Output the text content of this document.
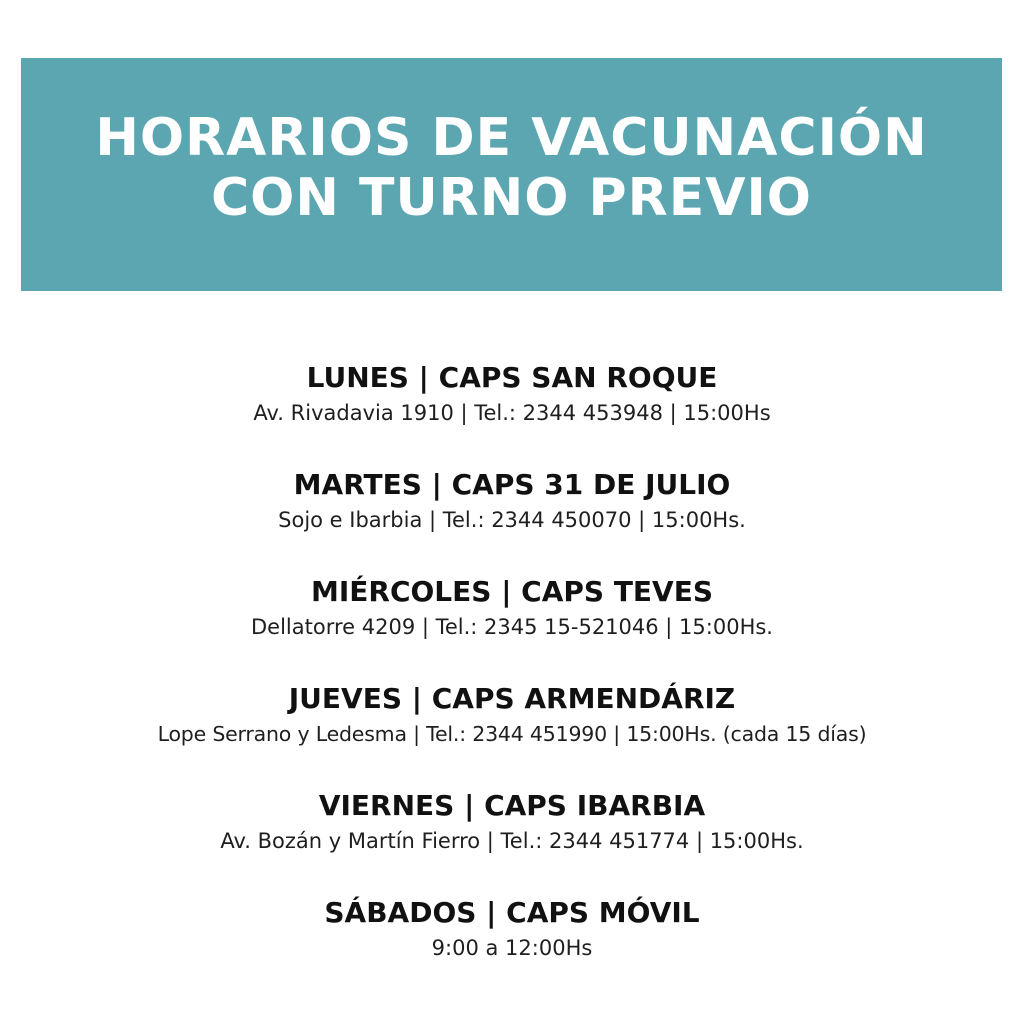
HORARIOS DE VACUNACIÓN
CON TURNO PREVIO
LUNES | CAPS SAN ROQUE
Av. Rivadavia 1910 | Tel.: 2344 453948 | 15:00Hs
MARTES | CAPS 31 DE JULIO
Sojo e Ibarbia | Tel.: 2344 450070 | 15:00Hs.
MIÉRCOLES | CAPS TEVES
Dellatorre 4209 | Tel.: 2345 15-521046 | 15:00Hs.
JUEVES | CAPS ARMENDÁRIZ
Lope Serrano y Ledesma | Tel.: 2344 451990 | 15:00Hs. (cada 15 días)
VIERNES | CAPS IBARBIA
Av. Bozán y Martín Fierro | Tel.: 2344 451774 | 15:00Hs.
SÁBADOS | CAPS MÓVIL
9:00 a 12:00Hs
